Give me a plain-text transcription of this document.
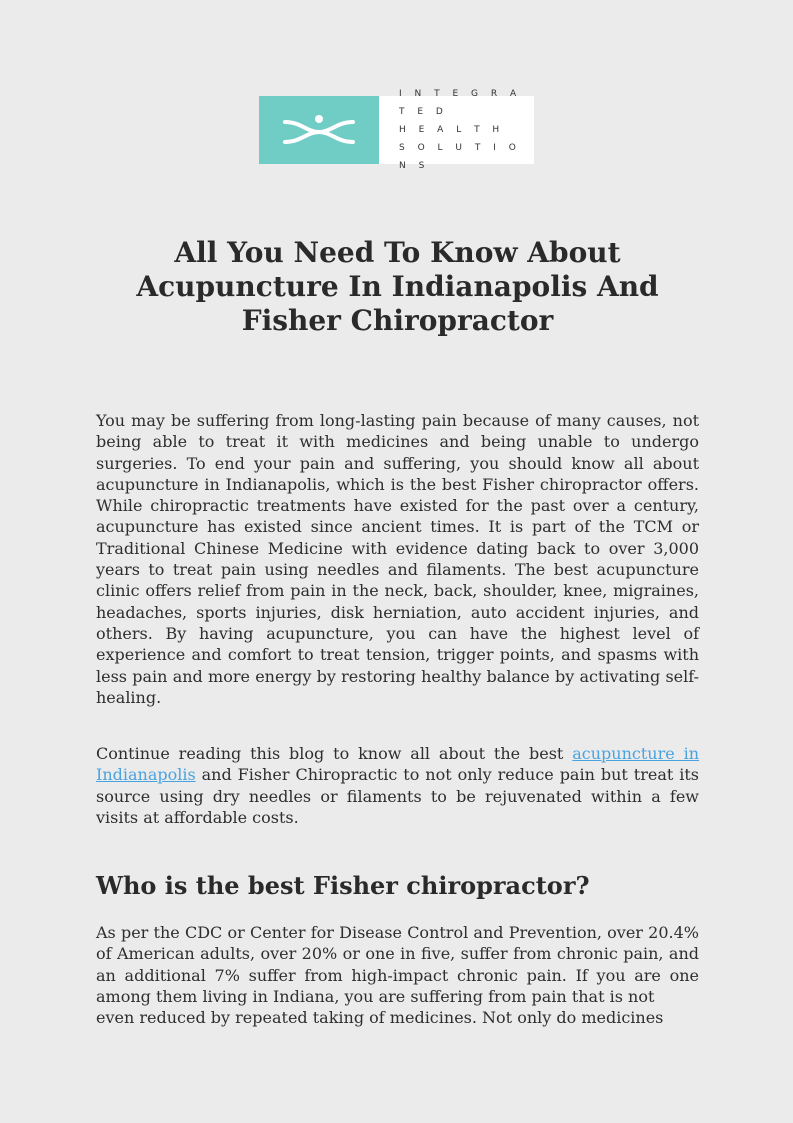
I N T E G R A T E D
H E A L T H
S O L U T I O N S
All You Need To Know About Acupuncture In Indianapolis And Fisher Chiropractor

You may be suffering from long-lasting pain because of many causes, not being able to treat it with medicines and being unable to undergo surgeries. To end your pain and suffering, you should know all about acupuncture in Indianapolis, which is the best Fisher chiropractor offers. While chiropractic treatments have existed for the past over a century, acupuncture has existed since ancient times. It is part of the TCM or Traditional Chinese Medicine with evidence dating back to over 3,000 years to treat pain using needles and filaments. The best acupuncture clinic offers relief from pain in the neck, back, shoulder, knee, migraines, headaches, sports injuries, disk herniation, auto accident injuries, and others. By having acupuncture, you can have the highest level of experience and comfort to treat tension, trigger points, and spasms with less pain and more energy by restoring healthy balance by activating self-healing.

Continue reading this blog to know all about the best acupuncture in Indianapolis and Fisher Chiropractic to not only reduce pain but treat its source using dry needles or filaments to be rejuvenated within a few visits at affordable costs.

Who is the best Fisher chiropractor?

As per the CDC or Center for Disease Control and Prevention, over 20.4% of American adults, over 20% or one in five, suffer from chronic pain, and an additional 7% suffer from high-impact chronic pain. If you are one among them living in Indiana, you are suffering from pain that is not

even reduced by repeated taking of medicines. Not only do medicines
